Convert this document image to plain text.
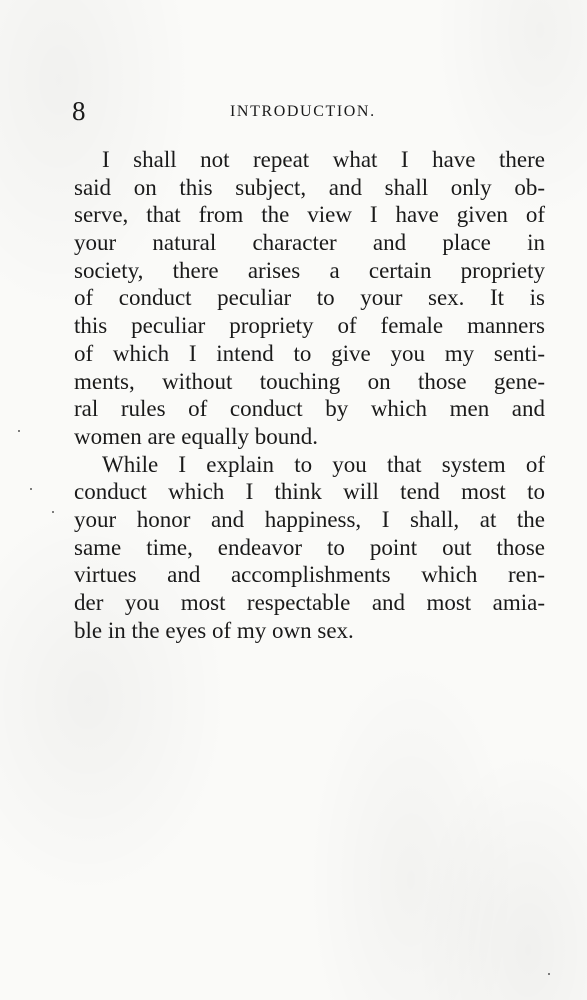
8	INTRODUCTION.
I shall not repeat what I have there
said on this subject, and shall only ob-
serve, that from the view I have given of
your natural character and place in
society, there arises a certain propriety
of conduct peculiar to your sex. It is
this peculiar propriety of female manners
of which I intend to give you my senti-
ments, without touching on those gene-
ral rules of conduct by which men and
women are equally bound.
While I explain to you that system of
conduct which I think will tend most to
your honor and happiness, I shall, at the
same time, endeavor to point out those
virtues and accomplishments which ren-
der you most respectable and most amia-
ble in the eyes of my own sex.
